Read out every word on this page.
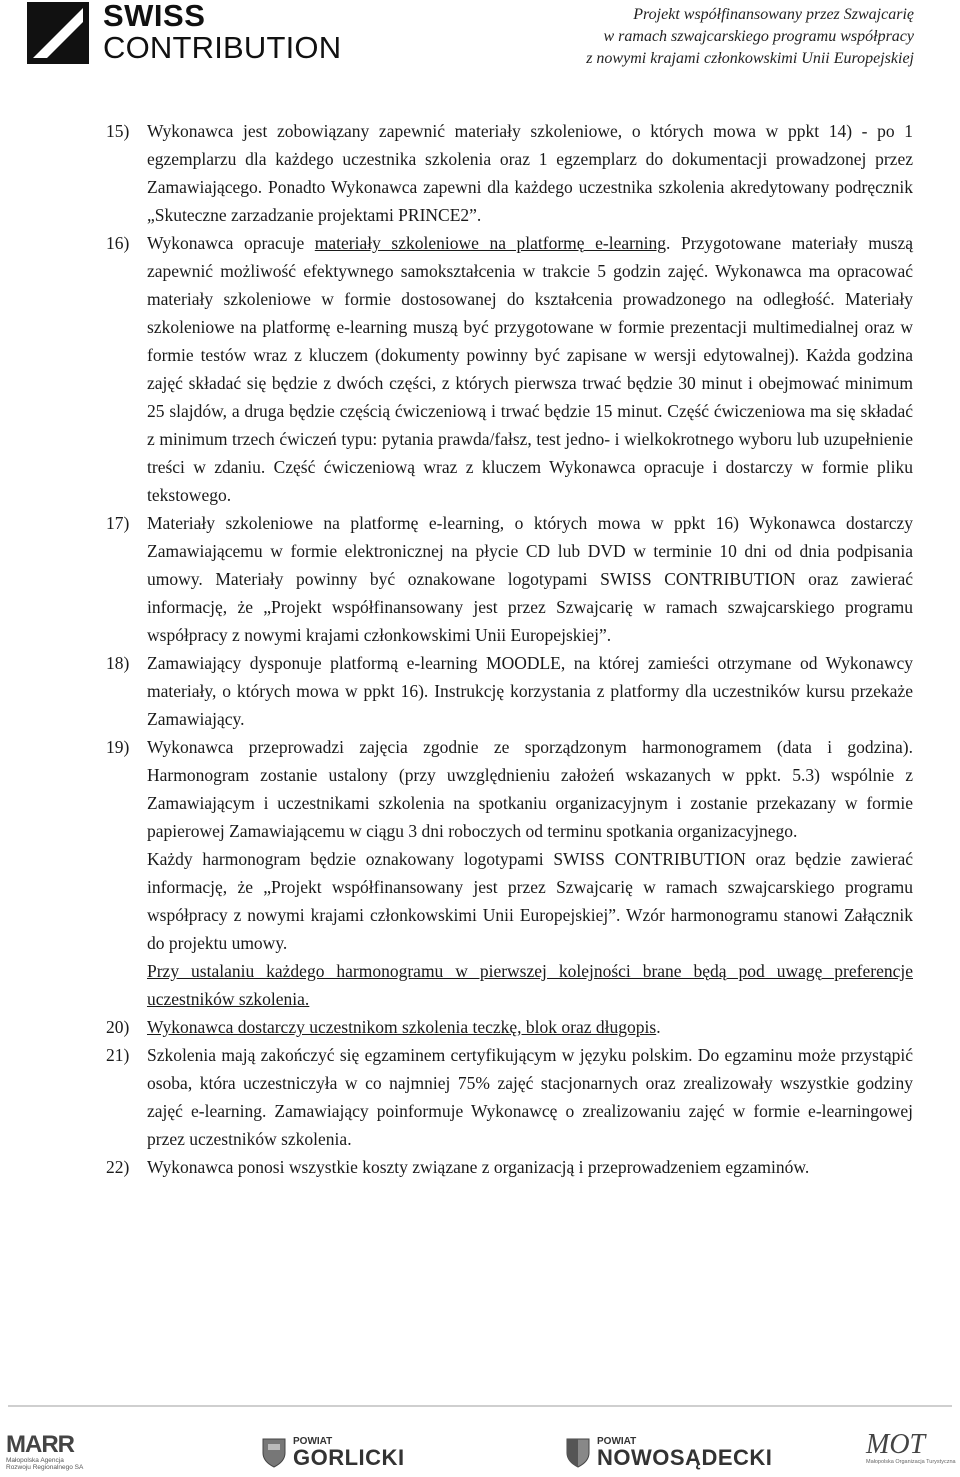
SWISS
CONTRIBUTION
Projekt współfinansowany przez Szwajcarię
w ramach szwajcarskiego programu współpracy
z nowymi krajami członkowskimi Unii Europejskiej
15) Wykonawca jest zobowiązany zapewnić materiały szkoleniowe, o których mowa w ppkt 14) - po 1 egzemplarzu dla każdego uczestnika szkolenia oraz 1 egzemplarz do dokumentacji prowadzonej przez Zamawiającego. Ponadto Wykonawca zapewni dla każdego uczestnika szkolenia akredytowany podręcznik „Skuteczne zarzadzanie projektami PRINCE2”.

16) Wykonawca opracuje materiały szkoleniowe na platformę e-learning. Przygotowane materiały muszą zapewnić możliwość efektywnego samokształcenia w trakcie 5 godzin zajęć. Wykonawca ma opracować materiały szkoleniowe w formie dostosowanej do kształcenia prowadzonego na odległość. Materiały szkoleniowe na platformę e-learning muszą być przygotowane w formie prezentacji multimedialnej oraz w formie testów wraz z kluczem (dokumenty powinny być zapisane w wersji edytowalnej). Każda godzina zajęć składać się będzie z dwóch części, z których pierwsza trwać będzie 30 minut i obejmować minimum 25 slajdów, a druga będzie częścią ćwiczeniową i trwać będzie 15 minut. Część ćwiczeniowa ma się składać z minimum trzech ćwiczeń typu: pytania prawda/fałsz, test jedno- i wielkokrotnego wyboru lub uzupełnienie treści w zdaniu. Część ćwiczeniową wraz z kluczem Wykonawca opracuje i dostarczy w formie pliku tekstowego.

17) Materiały szkoleniowe na platformę e-learning, o których mowa w ppkt 16) Wykonawca dostarczy Zamawiającemu w formie elektronicznej na płycie CD lub DVD w terminie 10 dni od dnia podpisania umowy. Materiały powinny być oznakowane logotypami SWISS CONTRIBUTION oraz zawierać informację, że „Projekt współfinansowany jest przez Szwajcarię w ramach szwajcarskiego programu współpracy z nowymi krajami członkowskimi Unii Europejskiej”.

18) Zamawiający dysponuje platformą e-learning MOODLE, na której zamieści otrzymane od Wykonawcy materiały, o których mowa w ppkt 16). Instrukcję korzystania z platformy dla uczestników kursu przekaże Zamawiający.

19) Wykonawca przeprowadzi zajęcia zgodnie ze sporządzonym harmonogramem (data i godzina). Harmonogram zostanie ustalony (przy uwzględnieniu założeń wskazanych w ppkt. 5.3) wspólnie z Zamawiającym i uczestnikami szkolenia na spotkaniu organizacyjnym i zostanie przekazany w formie papierowej Zamawiającemu w ciągu 3 dni roboczych od terminu spotkania organizacyjnego.

Każdy harmonogram będzie oznakowany logotypami SWISS CONTRIBUTION oraz będzie zawierać informację, że „Projekt współfinansowany jest przez Szwajcarię w ramach szwajcarskiego programu współpracy z nowymi krajami członkowskimi Unii Europejskiej”. Wzór harmonogramu stanowi Załącznik do projektu umowy.

Przy ustalaniu każdego harmonogramu w pierwszej kolejności brane będą pod uwagę preferencje uczestników szkolenia.

20) Wykonawca dostarczy uczestnikom szkolenia teczkę, blok oraz długopis.

21) Szkolenia mają zakończyć się egzaminem certyfikującym w języku polskim. Do egzaminu może przystąpić osoba, która uczestniczyła w co najmniej 75% zajęć stacjonarnych oraz zrealizowały wszystkie godziny zajęć e-learning. Zamawiający poinformuje Wykonawcę o zrealizowaniu zajęć w formie e-learningowej przez uczestników szkolenia.

22) Wykonawca ponosi wszystkie koszty związane z organizacją i przeprowadzeniem egzaminów.

MARR
Małopolska Agencja
Rozwoju Regionalnego SA
POWIAT
GORLICKI
POWIAT
NOWOSĄDECKI	MOT
Małopolska Organizacja Turystyczna
